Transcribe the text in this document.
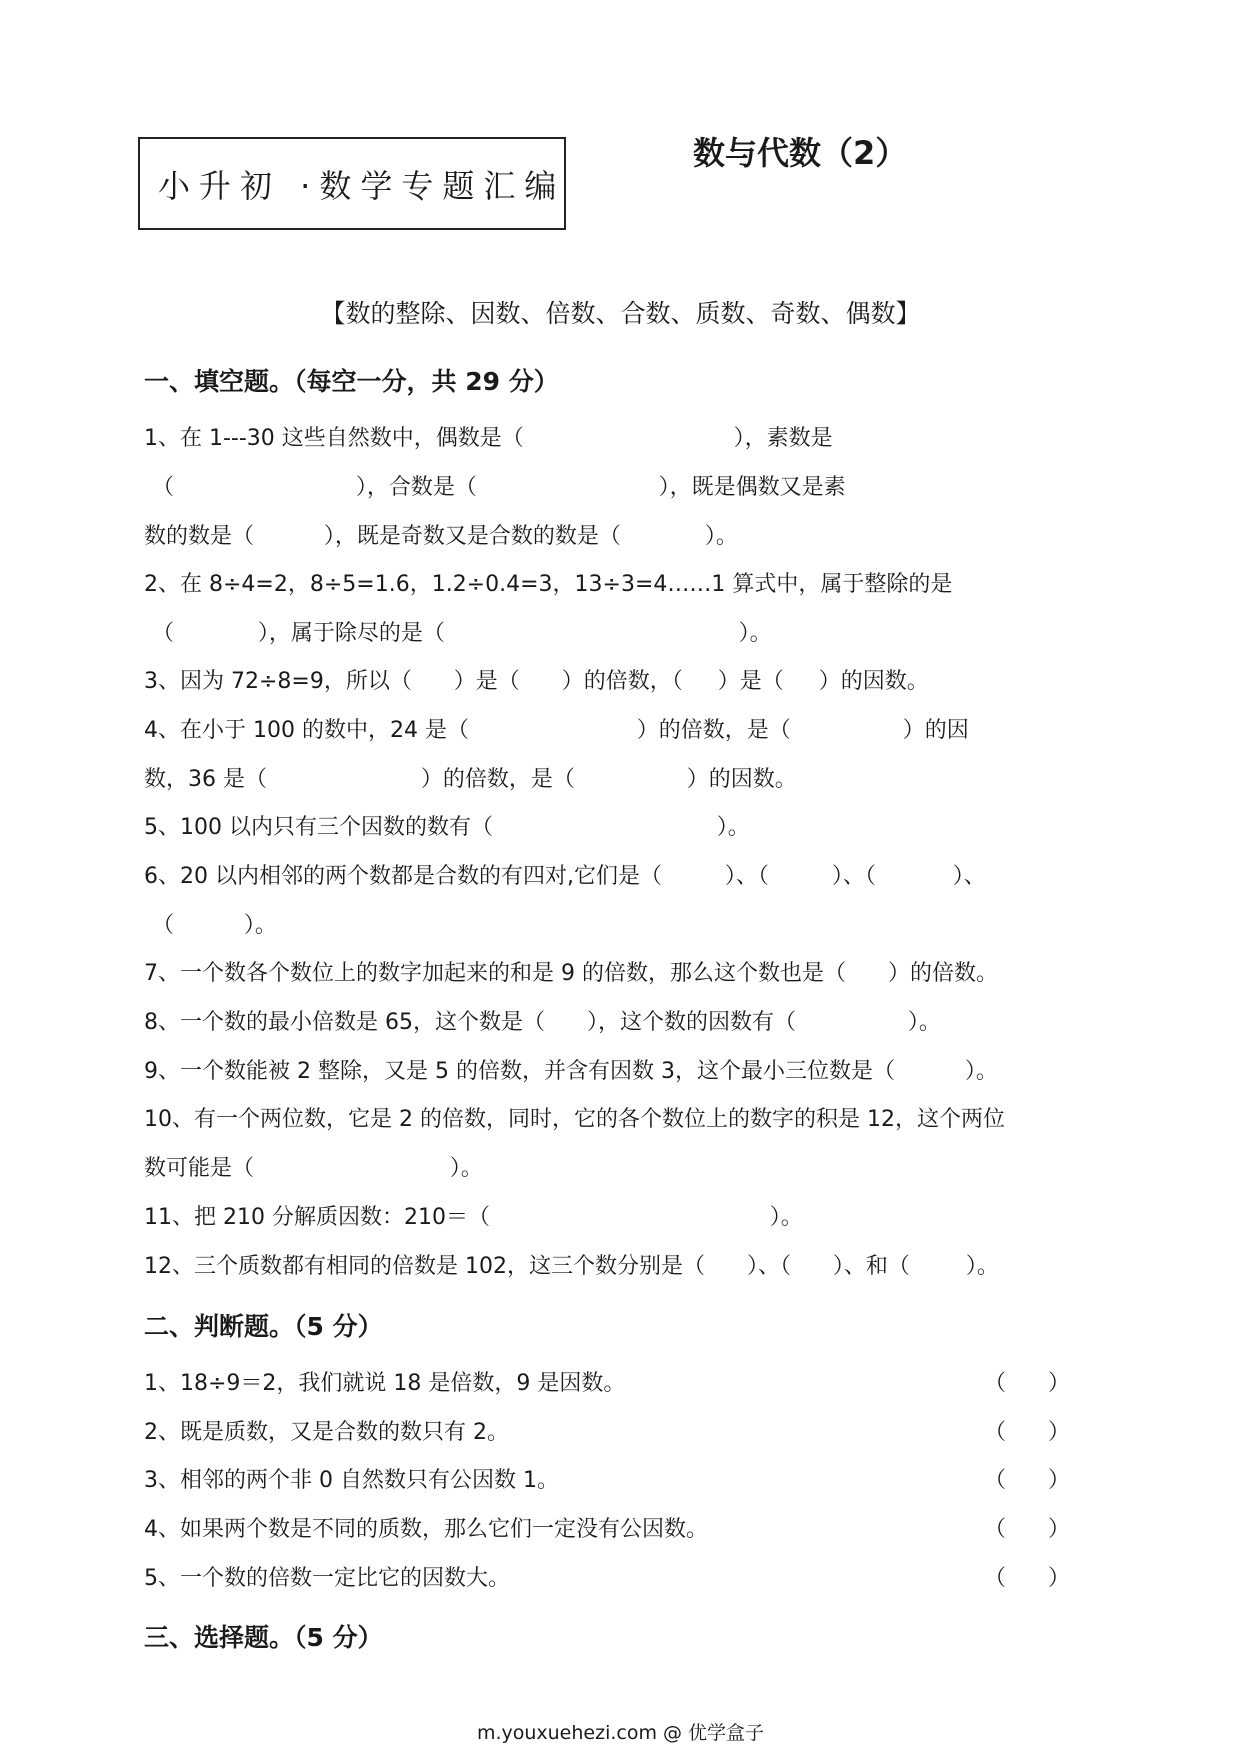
小升初 ·数学专题汇编
数与代数（2）
【数的整除、因数、倍数、合数、质数、奇数、偶数】
一、填空题。（每空一分，共 29 分）
1、在 1---30 这些自然数中，偶数是（                              ），素数是
（                          ），合数是（                          ），既是偶数又是素
数的数是（          ），既是奇数又是合数的数是（            ）。
2、在 8÷4=2，8÷5=1.6，1.2÷0.4=3，13÷3=4……1 算式中，属于整除的是
（            ），属于除尽的是（                                          ）。
3、因为 72÷8=9，所以（      ）是（      ）的倍数，（     ）是（     ）的因数。
4、在小于 100 的数中，24 是（                        ）的倍数，是（                ）的因
数，36 是（                      ）的倍数，是（                ）的因数。
5、100 以内只有三个因数的数有（                                ）。
6、20 以内相邻的两个数都是合数的有四对,它们是（         ）、（         ）、（           ）、
（          ）。
7、一个数各个数位上的数字加起来的和是 9 的倍数，那么这个数也是（      ）的倍数。
8、一个数的最小倍数是 65，这个数是（      ），这个数的因数有（                ）。
9、一个数能被 2 整除，又是 5 的倍数，并含有因数 3，这个最小三位数是（          ）。
10、有一个两位数，它是 2 的倍数，同时，它的各个数位上的数字的积是 12，这个两位
数可能是（                            ）。
11、把 210 分解质因数：210＝（                                        ）。
12、三个质数都有相同的倍数是 102，这三个数分别是（      ）、（      ）、和（        ）。
二、判断题。（5 分）
1、18÷9＝2，我们就说 18 是倍数，9 是因数。	（      ）
2、既是质数，又是合数的数只有 2。	（      ）
3、相邻的两个非 0 自然数只有公因数 1。	（      ）
4、如果两个数是不同的质数，那么它们一定没有公因数。	（      ）
5、一个数的倍数一定比它的因数大。	（      ）
三、选择题。（5 分）
m.youxuehezi.com @ 优学盒子
